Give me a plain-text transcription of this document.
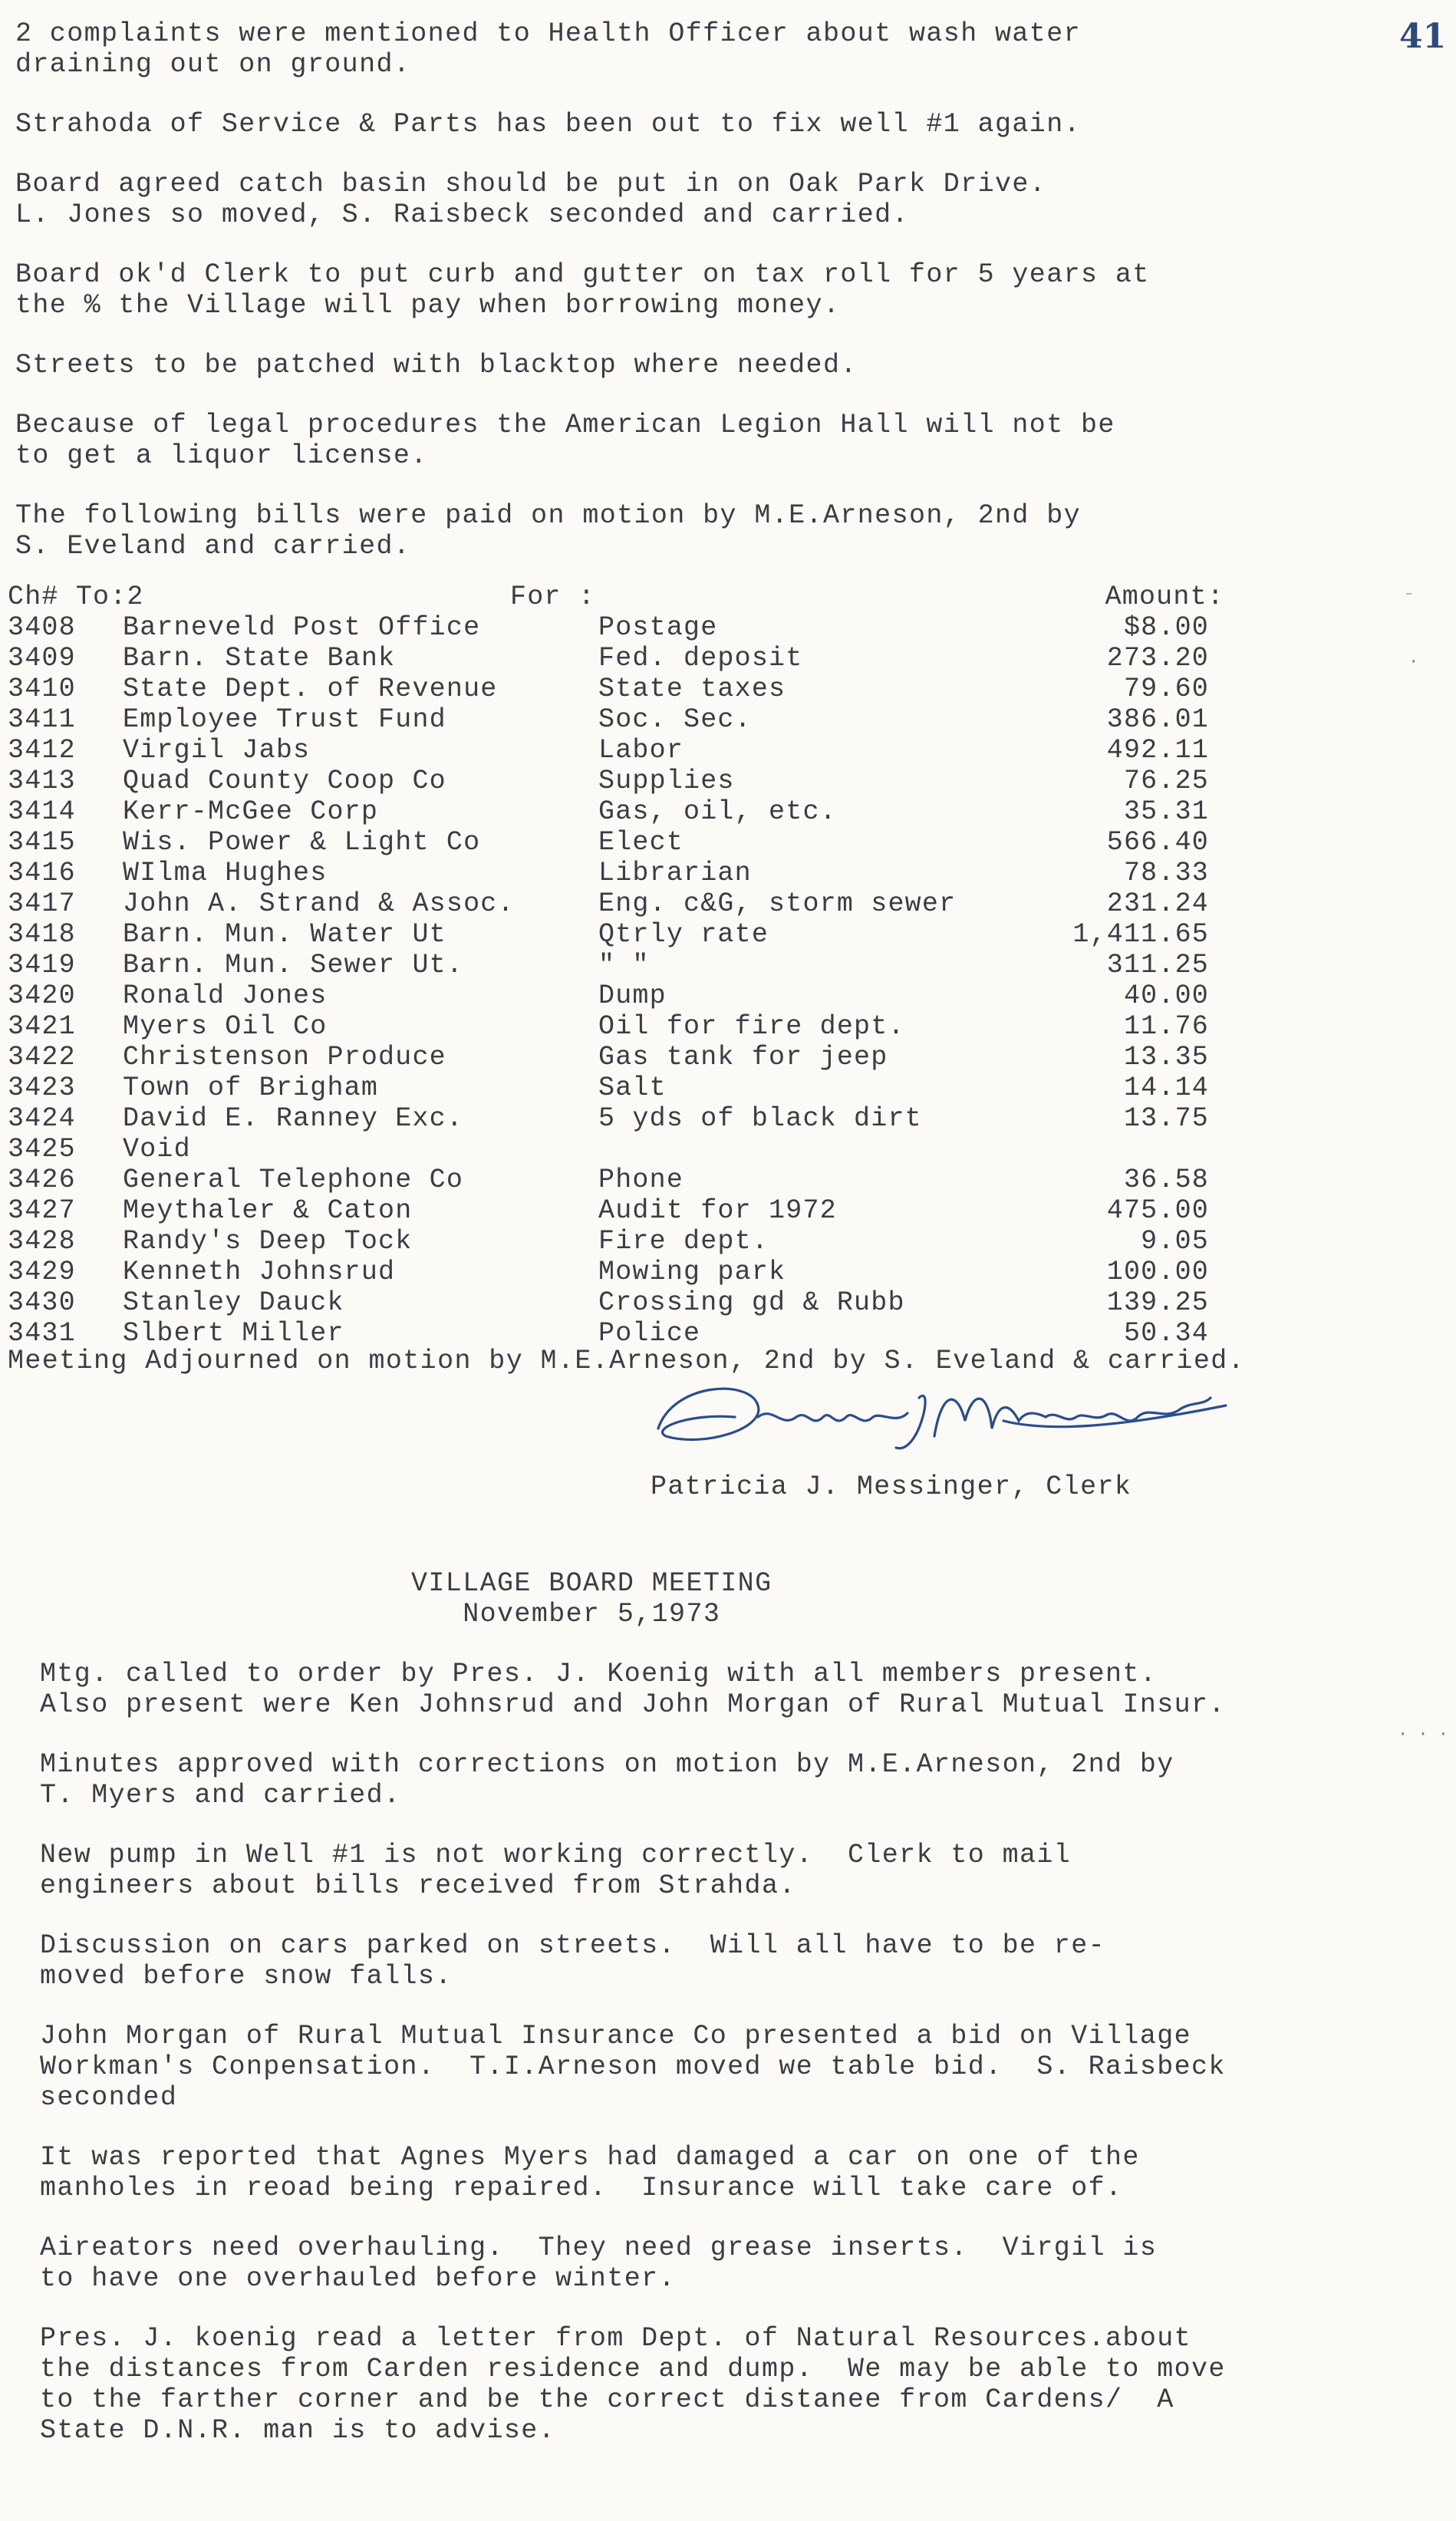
41
2 complaints were mentioned to Health Officer about wash water
draining out on ground.
Strahoda of Service & Parts has been out to fix well #1 again.
Board agreed catch basin should be put in on Oak Park Drive.
L. Jones so moved, S. Raisbeck seconded and carried.
Board ok'd Clerk to put curb and gutter on tax roll for 5 years at
the % the Village will pay when borrowing money.
Streets to be patched with blacktop where needed.
Because of legal procedures the American Legion Hall will not be
to get a liquor license.
The following bills were paid on motion by M.E.Arneson, 2nd by
S. Eveland and carried.
Ch# To:2	For :	Amount:
3408 Barneveld Post Office	Postage	$8.00
3409 Barn. State Bank	Fed. deposit	273.20
3410 State Dept. of Revenue	State taxes	79.60
3411 Employee Trust Fund	Soc. Sec.	386.01
3412 Virgil Jabs	Labor	492.11
3413 Quad County Coop Co	Supplies	76.25
3414 Kerr-McGee Corp	Gas, oil, etc.	35.31
3415 Wis. Power & Light Co	Elect	566.40
3416 WIlma Hughes	Librarian	78.33
3417 John A. Strand & Assoc.	Eng. c&G, storm sewer	231.24
3418 Barn. Mun. Water Ut	Qtrly rate	1,411.65
3419 Barn. Mun. Sewer Ut.	" "	311.25
3420 Ronald Jones	Dump	40.00
3421 Myers Oil Co	Oil for fire dept.	11.76
3422 Christenson Produce	Gas tank for jeep	13.35
3423 Town of Brigham	Salt	14.14
3424 David E. Ranney Exc.	5 yds of black dirt	13.75
3425 Void
3426 General Telephone Co	Phone	36.58
3427 Meythaler & Caton	Audit for 1972	475.00
3428 Randy's Deep Tock	Fire dept.	9.05
3429 Kenneth Johnsrud	Mowing park	100.00
3430 Stanley Dauck	Crossing gd & Rubb	139.25
3431 Slbert Miller	Police	50.34
Meeting Adjourned on motion by M.E.Arneson, 2nd by S. Eveland & carried.
Patricia J. Messinger, Clerk
VILLAGE BOARD MEETING
November 5,1973
Mtg. called to order by Pres. J. Koenig with all members present.
Also present were Ken Johnsrud and John Morgan of Rural Mutual Insur.
Minutes approved with corrections on motion by M.E.Arneson, 2nd by
T. Myers and carried.
New pump in Well #1 is not working correctly.  Clerk to mail
engineers about bills received from Strahda.
Discussion on cars parked on streets.  Will all have to be re-
moved before snow falls.
John Morgan of Rural Mutual Insurance Co presented a bid on Village
Workman's Conpensation.  T.I.Arneson moved we table bid.  S. Raisbeck
seconded
It was reported that Agnes Myers had damaged a car on one of the
manholes in reoad being repaired.  Insurance will take care of.
Aireators need overhauling.  They need grease inserts.  Virgil is
to have one overhauled before winter.
Pres. J. koenig read a letter from Dept. of Natural Resources.about
the distances from Carden residence and dump.  We may be able to move
to the farther corner and be the correct distanee from Cardens/  A
State D.N.R. man is to advise.
⁻
·
· · ·
